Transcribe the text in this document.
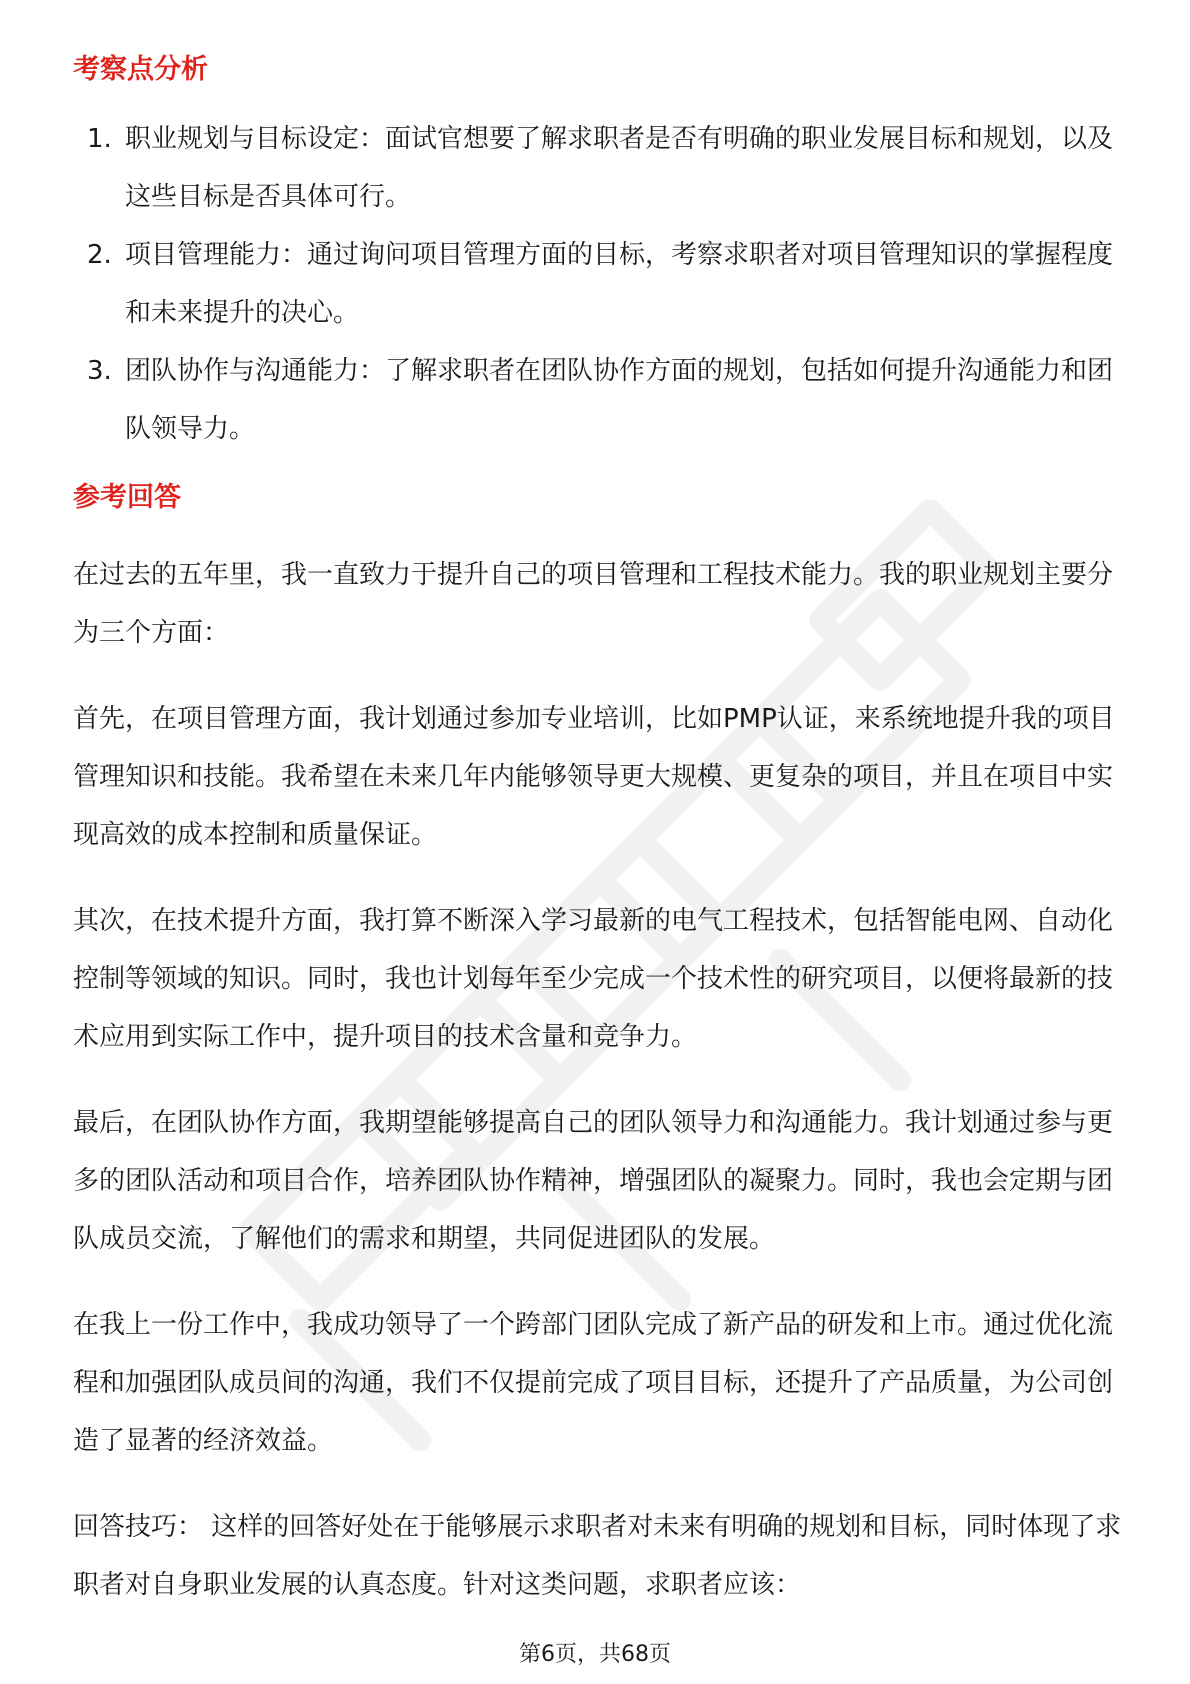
考察点分析
1. 职业规划与目标设定：面试官想要了解求职者是否有明确的职业发展目标和规划，以及这些目标是否具体可行。
2. 项目管理能力：通过询问项目管理方面的目标，考察求职者对项目管理知识的掌握程度和未来提升的决心。
3. 团队协作与沟通能力：了解求职者在团队协作方面的规划，包括如何提升沟通能力和团队领导力。
参考回答

在过去的五年里，我一直致力于提升自己的项目管理和工程技术能力。我的职业规划主要分为三个方面：

首先，在项目管理方面，我计划通过参加专业培训，比如PMP认证，来系统地提升我的项目管理知识和技能。我希望在未来几年内能够领导更大规模、更复杂的项目，并且在项目中实现高效的成本控制和质量保证。

其次，在技术提升方面，我打算不断深入学习最新的电气工程技术，包括智能电网、自动化控制等领域的知识。同时，我也计划每年至少完成一个技术性的研究项目，以便将最新的技术应用到实际工作中，提升项目的技术含量和竞争力。

最后，在团队协作方面，我期望能够提高自己的团队领导力和沟通能力。我计划通过参与更多的团队活动和项目合作，培养团队协作精神，增强团队的凝聚力。同时，我也会定期与团队成员交流，了解他们的需求和期望，共同促进团队的发展。

在我上一份工作中，我成功领导了一个跨部门团队完成了新产品的研发和上市。通过优化流程和加强团队成员间的沟通，我们不仅提前完成了项目目标，还提升了产品质量，为公司创造了显著的经济效益。

回答技巧： 这样的回答好处在于能够展示求职者对未来有明确的规划和目标，同时体现了求职者对自身职业发展的认真态度。针对这类问题，求职者应该：

第6页，共68页
